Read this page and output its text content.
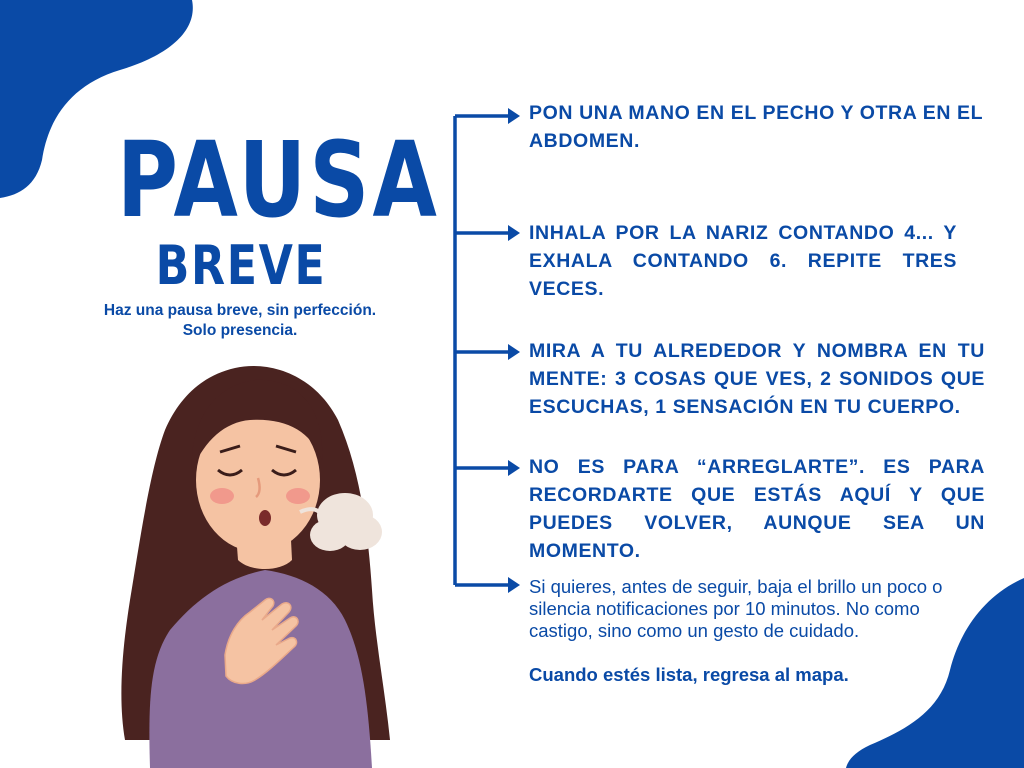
PAUSA
BREVE
Haz una pausa breve, sin perfección.
Solo presencia.
PON UNA MANO EN EL PECHO Y OTRA EN EL ABDOMEN.
INHALA POR LA NARIZ CONTANDO 4... Y EXHALA CONTANDO 6. REPITE TRES VECES.
MIRA A TU ALREDEDOR Y NOMBRA EN TU MENTE: 3 COSAS QUE VES, 2 SONIDOS QUE ESCUCHAS, 1 SENSACIÓN EN TU CUERPO.
NO ES PARA “ARREGLARTE”. ES PARA RECORDARTE QUE ESTÁS AQUÍ Y QUE PUEDES VOLVER, AUNQUE SEA UN MOMENTO.
Si quieres, antes de seguir, baja el brillo un poco o silencia notificaciones por 10 minutos. No como castigo, sino como un gesto de cuidado.
Cuando estés lista, regresa al mapa.
